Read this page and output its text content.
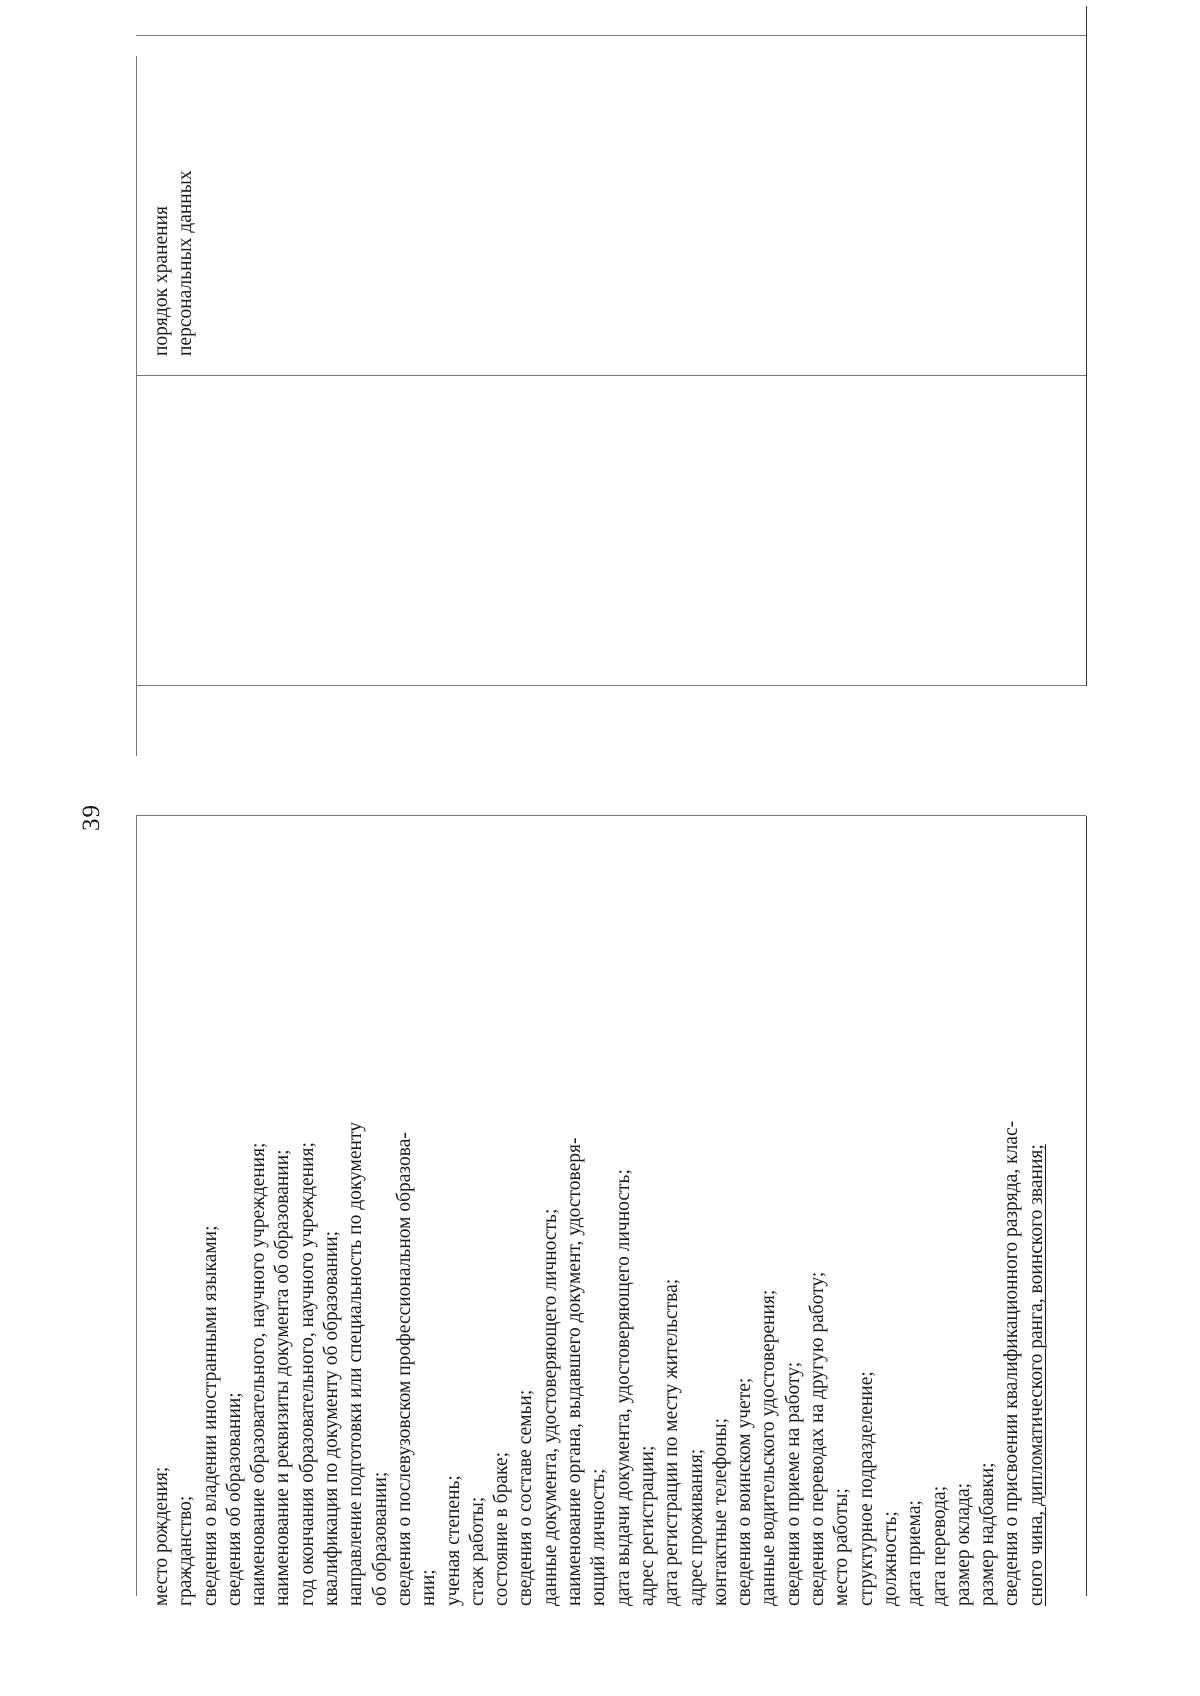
39
место рождения; гражданство; сведения о владении иностранными языками; сведения об образовании; наименование образовательного, научного учреждения; наименование и реквизиты документа об образовании; год окончания образовательного, научного учреждения; квалификация по документу об образовании; направление подготовки или специальность по документу об образовании; сведения о послевузовском профессиональном образова- нии; ученая степень; стаж работы; состояние в браке; сведения о составе семьи; данные документа, удостоверяющего личность; наименование органа, выдавшего документ, удостоверя- ющий личность; дата выдачи документа, удостоверяющего личность; адрес регистрации; дата регистрации по месту жительства; адрес проживания; контактные телефоны; сведения о воинском учете; данные водительского удостоверения; сведения о приеме на работу; сведения о переводах на другую работу; место работы; структурное подразделение; должность; дата приема; дата перевода; размер оклада; размер надбавки; сведения о присвоении квалификационного разряда, клас- сного чина, дипломатического ранга, воинского звания;
порядок хранения персональных данных
